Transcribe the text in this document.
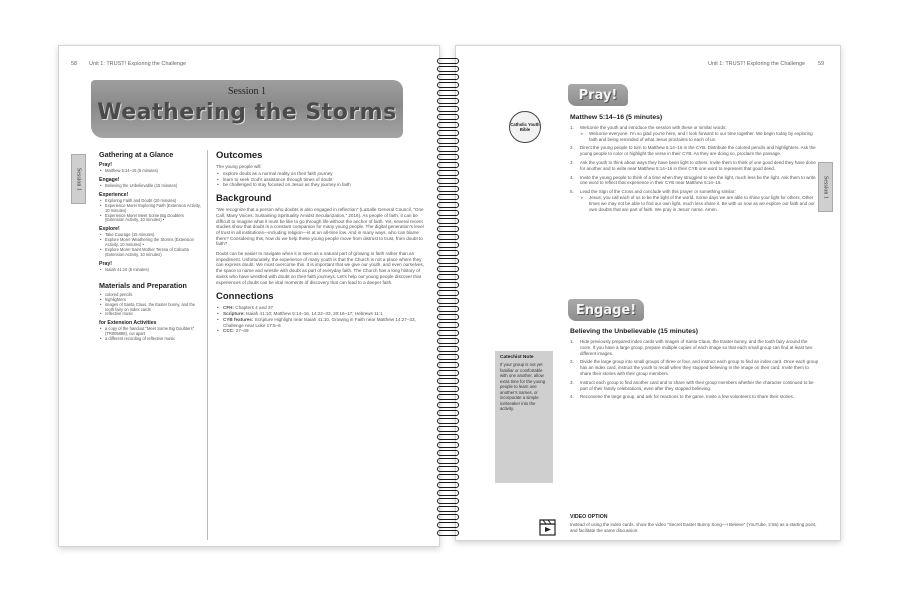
58 Unit 1: TRUST! Exploring the Challenge
Session 1
Weathering the Storms
Session 1
Gathering at a Glance
Pray!
• Matthew 5:14–16 (5 minutes)
Engage!
• Believing the Unbelievable (15 minutes)
Experience!
• Exploring Faith and Doubt (20 minutes)
• Experience More! Exploring Faith (Extension Activity, 10 minutes)
• Experience More! Meet Some Big Doubters (Extension Activity, 10 minutes) •
Explore!
• Take Courage (15 minutes)
• Explore More! Weathering the Storms (Extension Activity, 10 minutes) •
• Explore More! Saint Mother Teresa of Calcutta (Extension Activity, 10 minutes)
Pray!
• Isaiah 41:10 (5 minutes)
Materials and Preparation
• colored pencils
• highlighters
• images of Santa Claus, the Easter bunny, and the tooth fairy on index cards
• reflective music
for Extension Activities
• a copy of the handout "Meet Some Big Doubters" (TR005888), cut apart
• a different recording of reflective music
Outcomes

The young people will:

• explore doubt as a normal reality on their faith journey
• learn to seek God's assistance through times of doubt
• be challenged to stay focused on Jesus as they journey in faith
Background

"We recognize that a person who doubts is also engaged in reflection" (LaSalle General Council, "One Call, Many Voices: Sustaining Spirituality Amidst Secularization," 2016). As people of faith, it can be difficult to imagine what it must be like to go through life without the anchor of faith. Yet, several recent studies show that doubt is a constant companion for many young people. The digital generation's level of trust in all institutions—including religion—is at an all-time low. And in many ways, who can blame them? Considering this, how do we help these young people move from distrust to trust, from doubt to faith?

Doubt can be easier to navigate when it is seen as a natural part of growing in faith rather than an impediment. Unfortunately, the experience of many youth is that the Church is not a place where they can express doubt. We must overcome this. It is important that we give our youth, and even ourselves, the space to name and wrestle with doubt as part of everyday faith. The Church has a long history of saints who have wrestled with doubt on their faith journeys. Let's help our young people discover that experiences of doubt can be vital moments of discovery that can lead to a deeper faith.

Connections
• CFH: Chapters 4 and 37
• Scripture: Isaiah 41:10; Matthew 5:14–16, 14:22–33, 20:16–17; Hebrews 11:1
• CYB features: Scripture Highlight near Isaiah 41:10, Growing in Faith near Matthew 14:27–33, Challenge near Luke 17:5–6
• CCC: 27–49
Unit 1: TRUST! Exploring the Challenge 59
Session 1
Pray!
Catholic Youth Bible
Matthew 5:14–16 (5 minutes)
1. Welcome the youth and introduce the session with these or similar words:
➢ Welcome everyone. I'm so glad you're here, and I look forward to our time together. We begin today by exploring faith and being reminded of what Jesus proclaims to each of us.
2. Direct the young people to turn to Matthew 5:14–16 in the CYB. Distribute the colored pencils and highlighters. Ask the young people to color or highlight the verse in their CYB. As they are doing so, proclaim the passage.
3. Ask the youth to think about ways they have been light to others. Invite them to think of one good deed they have done for another and to write near Matthew 5:14–16 in their CYB one word to represent that good deed.
4. Invite the young people to think of a time when they struggled to see the light, much less be the light. Ask them to write one word to reflect that experience in their CYB near Matthew 5:14–16.
5. Lead the Sign of the Cross and conclude with this prayer or something similar:
➢ Jesus, you call each of us to be the light of the world. Some days we are able to shine your light for others. Other times we may not be able to find our own light, much less share it. Be with us now as we explore our faith and our own doubts that are part of faith. We pray in Jesus' name. Amen.
Engage!
Believing the Unbelievable (15 minutes)
1. Hide previously prepared index cards with images of Santa Claus, the Easter bunny, and the tooth fairy around the room. If you have a large group, prepare multiple copies of each image so that each small group can find at least two different images.
2. Divide the large group into small groups of three or four, and instruct each group to find an index card. Once each group has an index card, instruct the youth to recall when they stopped believing in the image on their card. Invite them to share their stories with their group members.
3. Instruct each group to find another card and to share with their group members whether the character continued to be part of their family celebrations, even after they stopped believing.
4. Reconvene the large group, and ask for reactions to the game. Invite a few volunteers to share their stories.
Catechist Note
If your group is not yet familiar or comfortable with one another, allow extra time for the young people to learn one another's names, or incorporate a simple icebreaker into the activity.
VIDEO OPTION
Instead of using the index cards, show the video "Secret Easter Bunny Song—I Believe" (YouTube, 2:55) as a starting point, and facilitate the same discussion.
